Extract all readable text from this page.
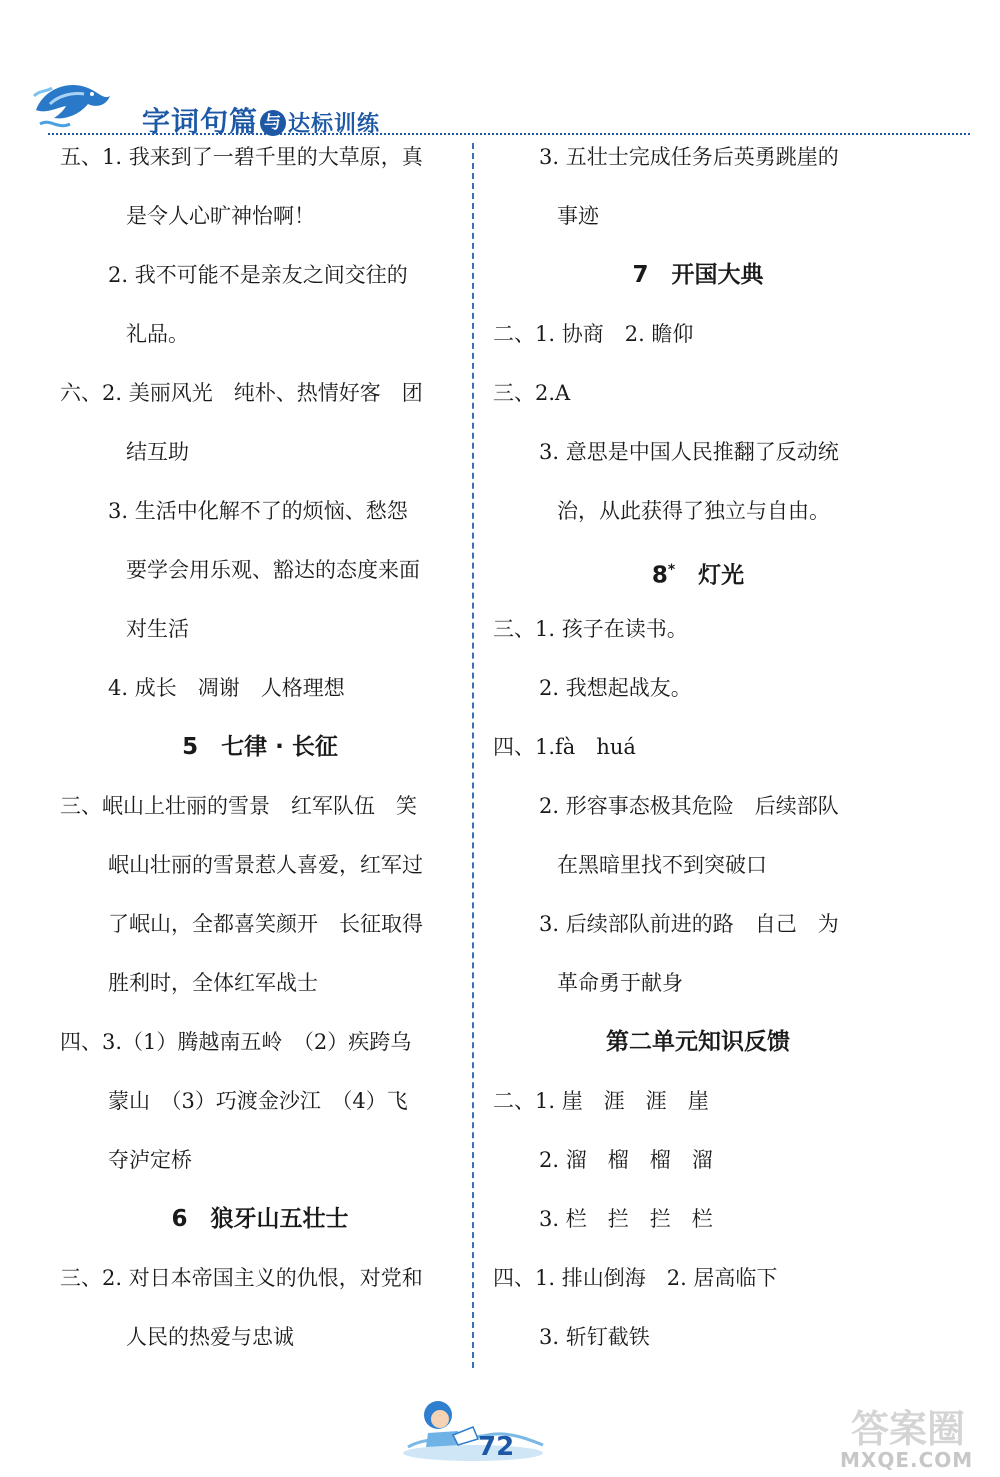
字词句篇 与 达标训练
五、1. 我来到了一碧千里的大草原，真
是令人心旷神怡啊！
2. 我不可能不是亲友之间交往的
礼品。
六、2. 美丽风光　纯朴、热情好客　团
结互助
3. 生活中化解不了的烦恼、愁怨
要学会用乐观、豁达的态度来面
对生活
4. 成长　凋谢　人格理想
5　七律 · 长征
三、岷山上壮丽的雪景　红军队伍　笑
岷山壮丽的雪景惹人喜爱，红军过
了岷山，全都喜笑颜开　长征取得
胜利时，全体红军战士
四、3.（1）腾越南五岭　（2）疾跨乌
蒙山　（3）巧渡金沙江　（4）飞
夺泸定桥
6　狼牙山五壮士
三、2. 对日本帝国主义的仇恨，对党和
人民的热爱与忠诚
3. 五壮士完成任务后英勇跳崖的
事迹
7　开国大典
二、1. 协商　2. 瞻仰
三、2.A
3. 意思是中国人民推翻了反动统
治，从此获得了独立与自由。
8*　 灯光
三、1. 孩子在读书。
2. 我想起战友。
四、1.fà　huá
2. 形容事态极其危险　后续部队
在黑暗里找不到突破口
3. 后续部队前进的路　自己　为
革命勇于献身
第二单元知识反馈
二、1. 崖　涯　涯　崖
2. 溜　榴　榴　溜
3. 栏　拦　拦　栏
四、1. 排山倒海　2. 居高临下
3. 斩钉截铁
72	答案圈
MXQE.COM
